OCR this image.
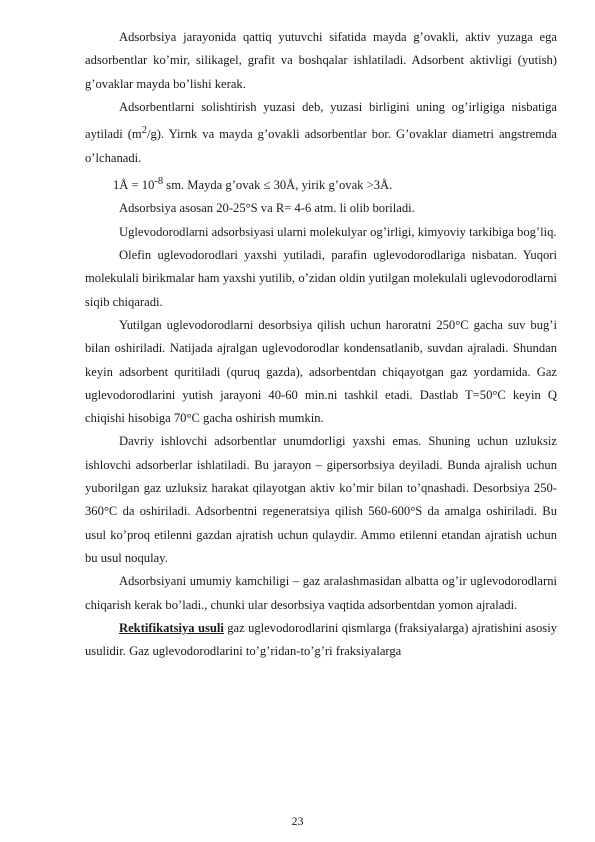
Adsorbsiya jarayonida qattiq yutuvchi sifatida mayda g’ovakli, aktiv yuzaga ega adsorbentlar ko’mir, silikagel, grafit va boshqalar ishlatiladi. Adsorbent aktivligi (yutish) g’ovaklar mayda bo’lishi kerak.

Adsorbentlarni solishtirish yuzasi deb, yuzasi birligini uning og’irligiga nisbatiga aytiladi $(m^2/g)$. Yirnk va mayda g’ovakli adsorbentlar bor. G’ovaklar diametri angstremda o’lchanadi.

1Å = $10^{-8}$ sm. Mayda g’ovak ≤ 30Å, yirik g’ovak >3Å.

Adsorbsiya asosan 20-25°S va R= 4-6 atm. li olib boriladi.

Uglevodorodlarni adsorbsiyasi ularni molekulyar og’irligi, kimyoviy tarkibiga bog’liq.

Olefin uglevodorodlari yaxshi yutiladi, parafin uglevodorodlariga nisbatan. Yuqori molekulali birikmalar ham yaxshi yutilib, o’zidan oldin yutilgan molekulali uglevodorodlarni siqib chiqaradi.

Yutilgan uglevodorodlarni desorbsiya qilish uchun haroratni 250°C gacha suv bug’i bilan oshiriladi. Natijada ajralgan uglevodorodlar kondensatlanib, suvdan ajraladi. Shundan keyin adsorbent quritiladi (quruq gazda), adsorbentdan chiqayotgan gaz yordamida. Gaz uglevodorodlarini yutish jarayoni 40-60 min.ni tashkil etadi. Dastlab T=50°C keyin Q chiqishi hisobiga 70°C gacha oshirish mumkin.

Davriy ishlovchi adsorbentlar unumdorligi yaxshi emas. Shuning uchun uzluksiz ishlovchi adsorberlar ishlatiladi. Bu jarayon – gipersorbsiya deyiladi. Bunda ajralish uchun yuborilgan gaz uzluksiz harakat qilayotgan aktiv ko’mir bilan to’qnashadi. Desorbsiya 250-360°C da oshiriladi. Adsorbentni regeneratsiya qilish 560-600°S da amalga oshiriladi. Bu usul ko’proq etilenni gazdan ajratish uchun qulaydir. Ammo etilenni etandan ajratish uchun bu usul noqulay.

Adsorbsiyani umumiy kamchiligi – gaz aralashmasidan albatta og’ir uglevodorodlarni chiqarish kerak bo’ladi., chunki ular desorbsiya vaqtida adsorbentdan yomon ajraladi.

Rektifikatsiya usuli gaz uglevodorodlarini qismlarga (fraksiyalarga) ajratishini asosiy usulidir. Gaz uglevodorodlarini to’g’ridan-to’g’ri fraksiyalarga

23
